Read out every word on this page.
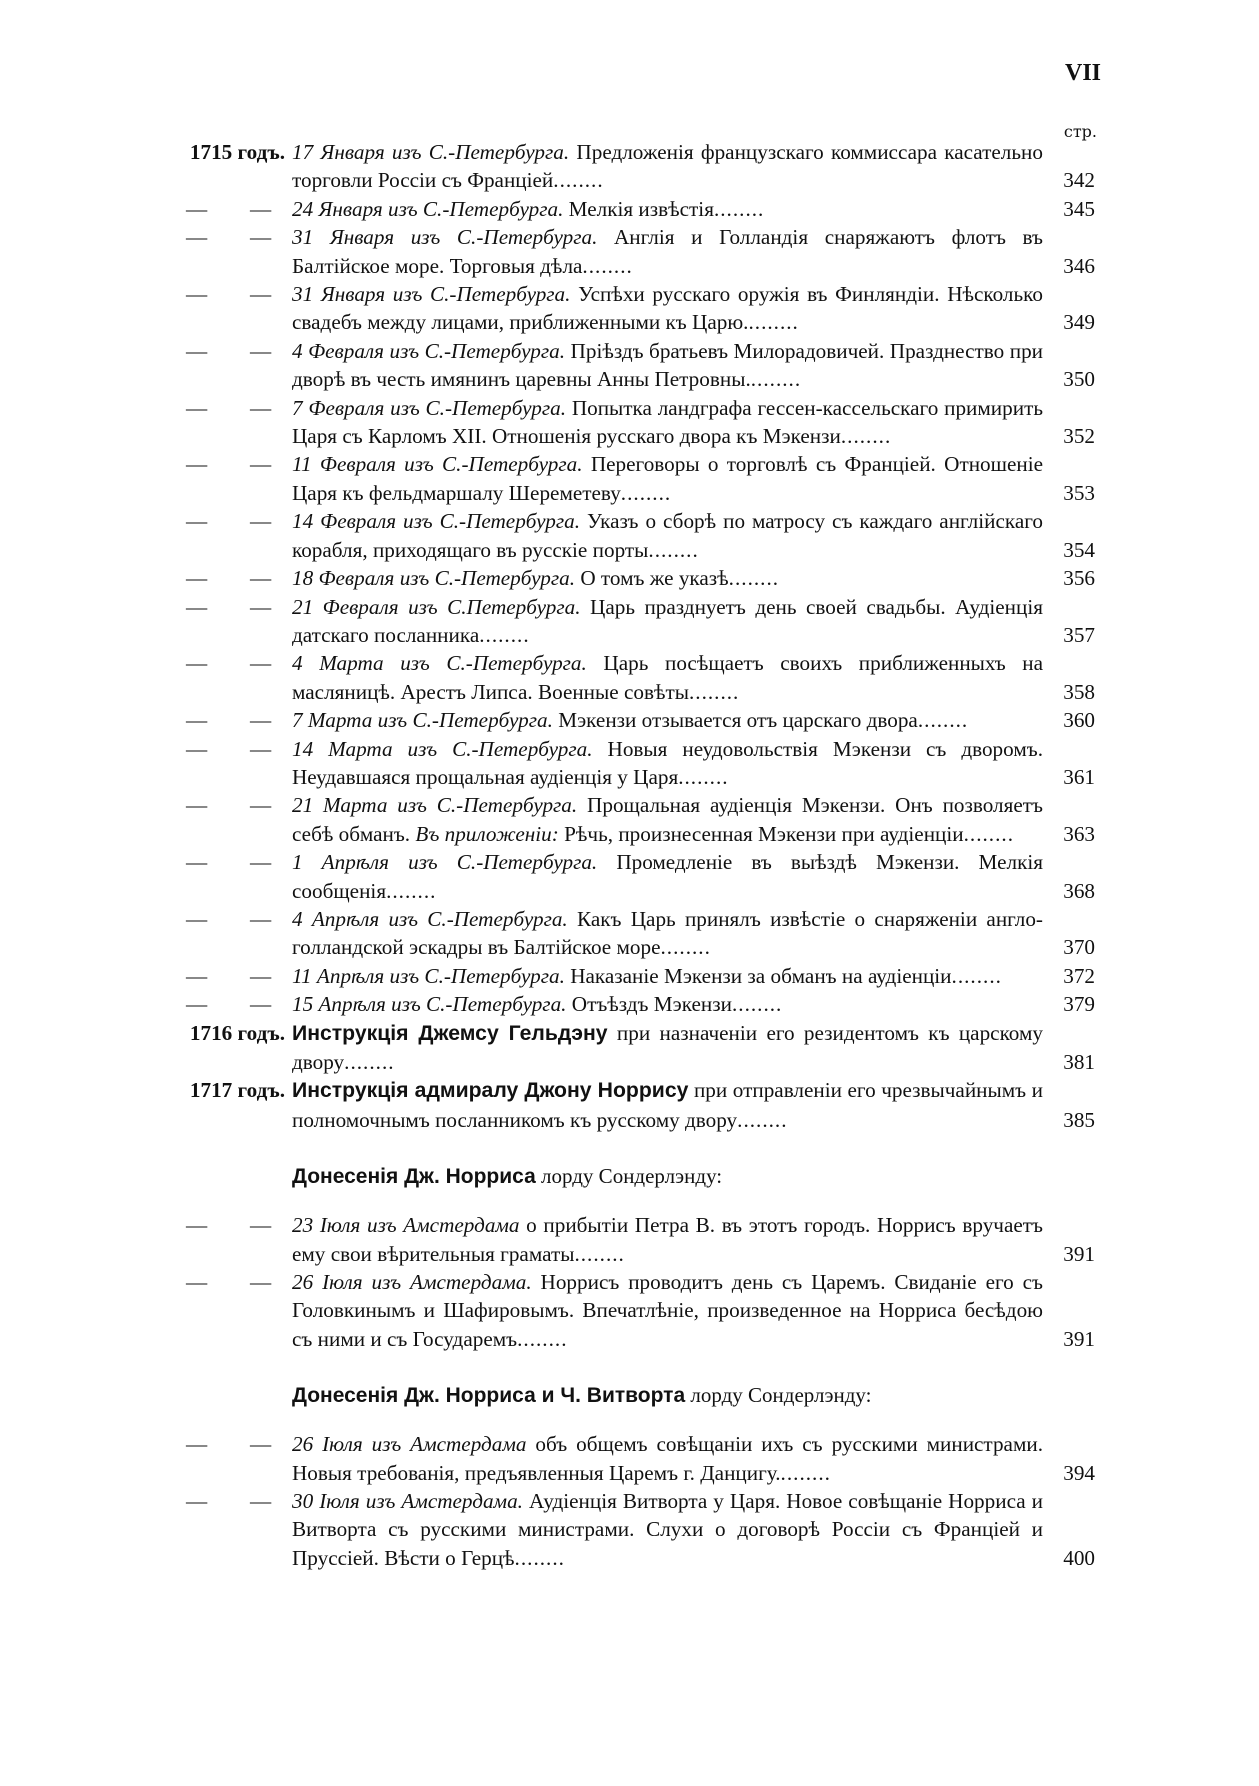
VII
стр.
1715 годъ. 17 Января изъ С.-Петербурга. Предложенія французскаго коммиссара касательно торговли Россіи съ Франціей........	342
— — 24 Января изъ С.-Петербурга. Мелкія извѣстія........	345
— — 31 Января изъ С.-Петербурга. Англія и Голландія снаряжаютъ флотъ въ Балтійское море. Торговыя дѣла........	346
— — 31 Января изъ С.-Петербурга. Успѣхи русскаго оружія въ Финляндіи. Нѣсколько свадебъ между лицами, приближенными къ Царю.........	349
— — 4 Февраля изъ С.-Петербурга. Пріѣздъ братьевъ Милорадовичей. Празднество при дворѣ въ честь имянинъ царевны Анны Петровны.........	350
— — 7 Февраля изъ С.-Петербурга. Попытка ландграфа гессен-кассельскаго примирить Царя съ Карломъ XII. Отношенія русскаго двора къ Мэкензи........	352
— — 11 Февраля изъ С.-Петербурга. Переговоры о торговлѣ съ Франціей. Отношеніе Царя къ фельдмаршалу Шереметеву........	353
— — 14 Февраля изъ С.-Петербурга. Указъ о сборѣ по матросу съ каждаго англійскаго корабля, приходящаго въ русскіе порты........	354
— — 18 Февраля изъ С.-Петербурга. О томъ же указѣ........	356
— — 21 Февраля изъ С.Петербурга. Царь празднуетъ день своей свадьбы. Аудіенція датскаго посланника........	357
— — 4 Марта изъ С.-Петербурга. Царь посѣщаетъ своихъ приближенныхъ на масляницѣ. Арестъ Липса. Военные совѣты........	358
— — 7 Марта изъ С.-Петербурга. Мэкензи отзывается отъ царскаго двора........	360
— — 14 Марта изъ С.-Петербурга. Новыя неудовольствія Мэкензи съ дворомъ. Неудавшаяся прощальная аудіенція у Царя........	361
— — 21 Марта изъ С.-Петербурга. Прощальная аудіенція Мэкензи. Онъ позволяетъ себѣ обманъ. Въ приложеніи: Рѣчь, произнесенная Мэкензи при аудіенціи........	363
— — 1 Апрѣля изъ С.-Петербурга. Промедленіе въ выѣздѣ Мэкензи. Мелкія сообщенія........	368
— — 4 Апрѣля изъ С.-Петербурга. Какъ Царь принялъ извѣстіе о снаряженіи англо-голландской эскадры въ Балтійское море........	370
— — 11 Апрѣля изъ С.-Петербурга. Наказаніе Мэкензи за обманъ на аудіенціи........	372
— — 15 Апрѣля изъ С.-Петербурга. Отъѣздъ Мэкензи........	379
1716 годъ. Инструкція Джемсу Гельдэну при назначеніи его резидентомъ къ царскому двору........	381
1717 годъ. Инструкція адмиралу Джону Норрису при отправленіи его чрезвычайнымъ и полномочнымъ посланникомъ къ русскому двору........	385
Донесенія Дж. Норриса лорду Сондерлэнду:
— — 23 Іюля изъ Амстердама о прибытіи Петра В. въ этотъ городъ. Норрисъ вручаетъ ему свои вѣрительныя граматы........	391
— — 26 Іюля изъ Амстердама. Норрисъ проводитъ день съ Царемъ. Свиданіе его съ Головкинымъ и Шафировымъ. Впечатлѣніе, произведенное на Норриса бесѣдою съ ними и съ Государемъ........	391
Донесенія Дж. Норриса и Ч. Витворта лорду Сондерлэнду:
— — 26 Іюля изъ Амстердама объ общемъ совѣщаніи ихъ съ русскими министрами. Новыя требованія, предъявленныя Царемъ г. Данцигу.........	394
— — 30 Іюля изъ Амстердама. Аудіенція Витворта у Царя. Новое совѣщаніе Норриса и Витворта съ русскими министрами. Слухи о договорѣ Россіи съ Франціей и Пруссіей. Вѣсти о Герцѣ........	400
